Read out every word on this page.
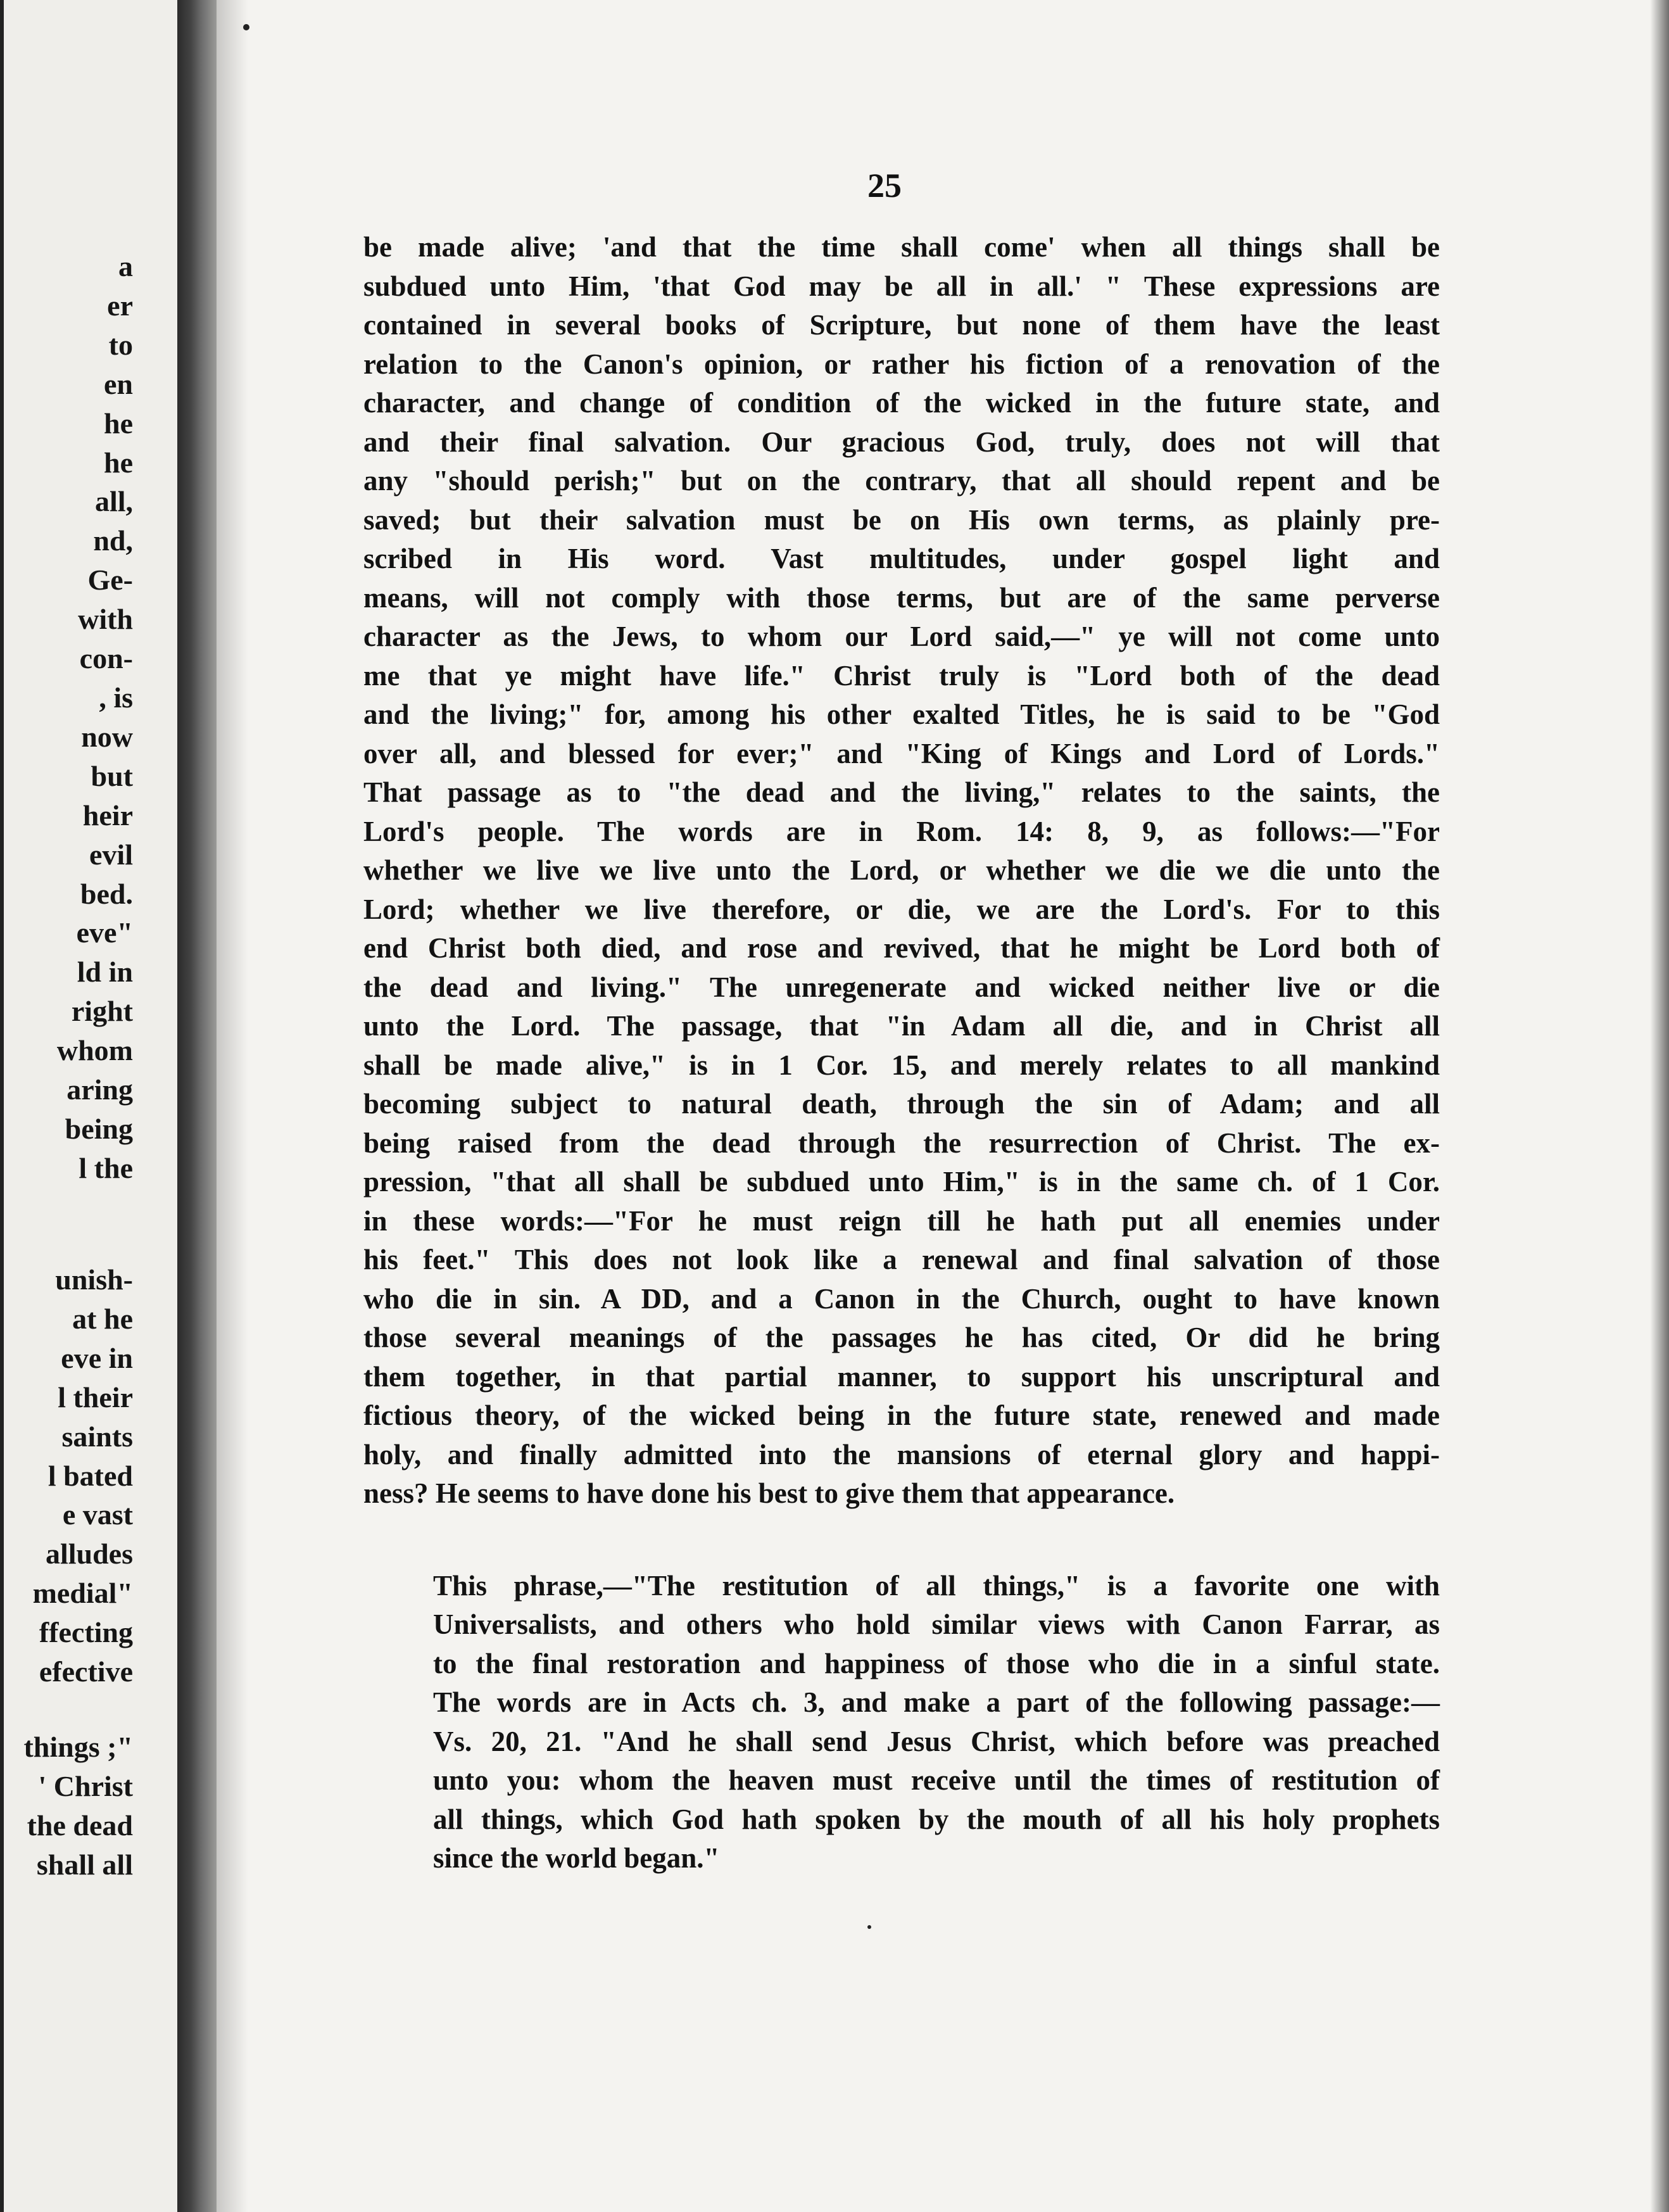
a
er
to
en
he
he
all,
nd,
Ge-
with
con-
, is
now
but
heir
evil
bed.
eve"
ld in
right
whom
aring
being
l the
unish-
at he
eve in
l their
saints
l bated
e vast
alludes
medial"
ffecting
efective
things ;"
' Christ
the dead
shall all
25

be made alive; 'and that the time shall come' when all things shall be
subdued unto Him, 'that God may be all in all.' " These expressions are
contained in several books of Scripture, but none of them have the least
relation to the Canon's opinion, or rather his fiction of a renovation of the
character, and change of condition of the wicked in the future state, and
and their final salvation. Our gracious God, truly, does not will that
any "should perish;" but on the contrary, that all should repent and be
saved; but their salvation must be on His own terms, as plainly pre-
scribed in His word. Vast multitudes, under gospel light and
means, will not comply with those terms, but are of the same perverse
character as the Jews, to whom our Lord said,—" ye will not come unto
me that ye might have life." Christ truly is "Lord both of the dead
and the living;" for, among his other exalted Titles, he is said to be "God
over all, and blessed for ever;" and "King of Kings and Lord of Lords."
That passage as to "the dead and the living," relates to the saints, the
Lord's people. The words are in Rom. 14: 8, 9, as follows:—"For
whether we live we live unto the Lord, or whether we die we die unto the
Lord; whether we live therefore, or die, we are the Lord's. For to this
end Christ both died, and rose and revived, that he might be Lord both of
the dead and living." The unregenerate and wicked neither live or die
unto the Lord. The passage, that "in Adam all die, and in Christ all
shall be made alive," is in 1 Cor. 15, and merely relates to all mankind
becoming subject to natural death, through the sin of Adam; and all
being raised from the dead through the resurrection of Christ. The ex-
pression, "that all shall be subdued unto Him," is in the same ch. of 1 Cor.
in these words:—"For he must reign till he hath put all enemies under
his feet." This does not look like a renewal and final salvation of those
who die in sin. A DD, and a Canon in the Church, ought to have known
those several meanings of the passages he has cited, Or did he bring
them together, in that partial manner, to support his unscriptural and
fictious theory, of the wicked being in the future state, renewed and made
holy, and finally admitted into the mansions of eternal glory and happi-
ness? He seems to have done his best to give them that appearance.

This phrase,—"The restitution of all things," is a favorite one with
Universalists, and others who hold similar views with Canon Farrar, as
to the final restoration and happiness of those who die in a sinful state.
The words are in Acts ch. 3, and make a part of the following passage:—
Vs. 20, 21. "And he shall send Jesus Christ, which before was preached
unto you: whom the heaven must receive until the times of restitution of
all things, which God hath spoken by the mouth of all his holy prophets
since the world began."
